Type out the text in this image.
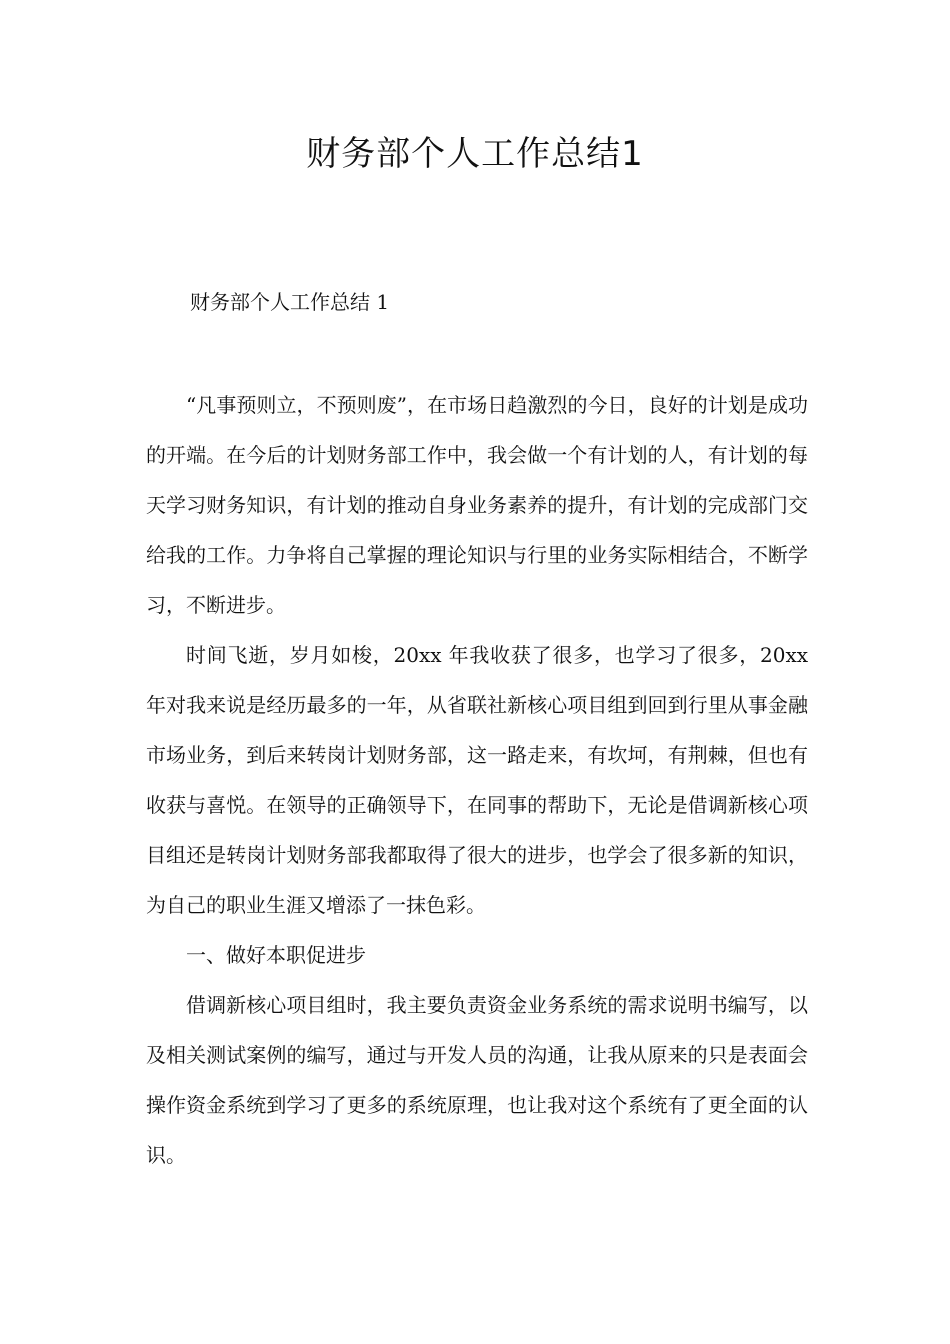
财务部个人工作总结1

财务部个人工作总结 1

“凡事预则立，不预则废”，在市场日趋激烈的今日，良好的计划是成功的开端。在今后的计划财务部工作中，我会做一个有计划的人，有计划的每天学习财务知识，有计划的推动自身业务素养的提升，有计划的完成部门交给我的工作。力争将自己掌握的理论知识与行里的业务实际相结合，不断学习，不断进步。

时间飞逝，岁月如梭，20xx 年我收获了很多，也学习了很多，20xx 年对我来说是经历最多的一年，从省联社新核心项目组到回到行里从事金融市场业务，到后来转岗计划财务部，这一路走来，有坎坷，有荆棘，但也有收获与喜悦。在领导的正确领导下，在同事的帮助下，无论是借调新核心项目组还是转岗计划财务部我都取得了很大的进步，也学会了很多新的知识，为自己的职业生涯又增添了一抹色彩。

一、做好本职促进步

借调新核心项目组时，我主要负责资金业务系统的需求说明书编写，以及相关测试案例的编写，通过与开发人员的沟通，让我从原来的只是表面会操作资金系统到学习了更多的系统原理，也让我对这个系统有了更全面的认识。
